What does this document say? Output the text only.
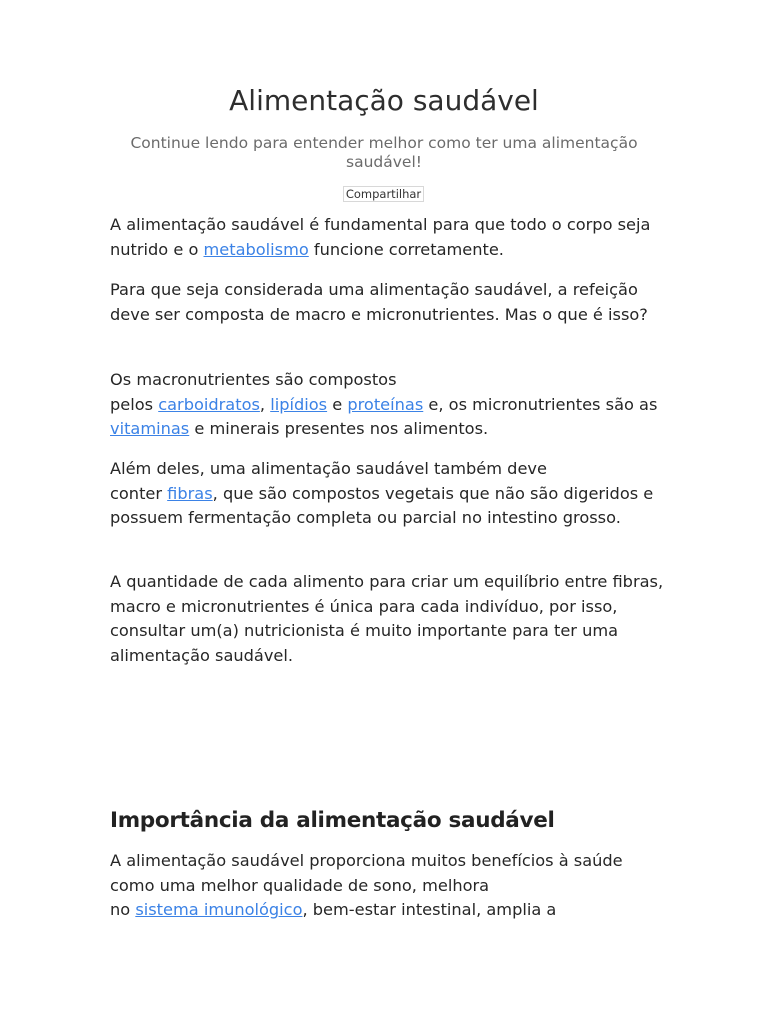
Alimentação saudável

Continue lendo para entender melhor como ter uma alimentação saudável!

Compartilhar

A alimentação saudável é fundamental para que todo o corpo seja nutrido e o metabolismo funcione corretamente.

Para que seja considerada uma alimentação saudável, a refeição deve ser composta de macro e micronutrientes. Mas o que é isso?

Os macronutrientes são compostos
pelos carboidratos, lipídios e proteínas e, os micronutrientes são as vitaminas e minerais presentes nos alimentos.

Além deles, uma alimentação saudável também deve
conter fibras, que são compostos vegetais que não são digeridos e possuem fermentação completa ou parcial no intestino grosso.

A quantidade de cada alimento para criar um equilíbrio entre fibras, macro e micronutrientes é única para cada indivíduo, por isso, consultar um(a) nutricionista é muito importante para ter uma alimentação saudável.

Importância da alimentação saudável

A alimentação saudável proporciona muitos benefícios à saúde como uma melhor qualidade de sono, melhora
no sistema imunológico, bem-estar intestinal, amplia a
